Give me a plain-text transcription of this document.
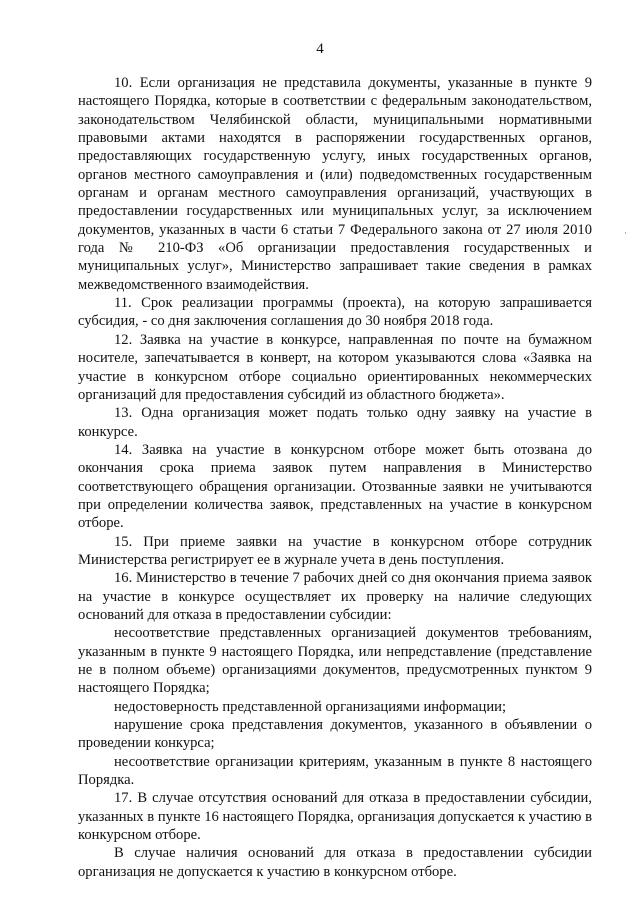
4

10. Если организация не представила документы, указанные в пункте 9 настоящего Порядка, которые в соответствии с федеральным законодательством, законодательством Челябинской области, муниципальными нормативными правовыми актами находятся в распоряжении государственных органов, предоставляющих государственную услугу, иных государственных органов, органов местного самоуправления и (или) подведомственных государственным органам и органам местного самоуправления организаций, участвующих в предоставлении государственных или муниципальных услуг, за исключением документов, указанных в части 6 статьи 7 Федерального закона от 27 июля 2010 года № 210-ФЗ «Об организации предоставления государственных и муниципальных услуг», Министерство запрашивает такие сведения в рамках межведомственного взаимодействия.

11. Срок реализации программы (проекта), на которую запрашивается субсидия, - со дня заключения соглашения до 30 ноября 2018 года.

12. Заявка на участие в конкурсе, направленная по почте на бумажном носителе, запечатывается в конверт, на котором указываются слова «Заявка на участие в конкурсном отборе социально ориентированных некоммерческих организаций для предоставления субсидий из областного бюджета».

13. Одна организация может подать только одну заявку на участие в конкурсе.

14. Заявка на участие в конкурсном отборе может быть отозвана до окончания срока приема заявок путем направления в Министерство соответствующего обращения организации. Отозванные заявки не учитываются при определении количества заявок, представленных на участие в конкурсном отборе.

15. При приеме заявки на участие в конкурсном отборе сотрудник Министерства регистрирует ее в журнале учета в день поступления.

16. Министерство в течение 7 рабочих дней со дня окончания приема заявок на участие в конкурсе осуществляет их проверку на наличие следующих оснований для отказа в предоставлении субсидии:

несоответствие представленных организацией документов требованиям, указанным в пункте 9 настоящего Порядка, или непредставление (представление не в полном объеме) организациями документов, предусмотренных пунктом 9 настоящего Порядка;

недостоверность представленной организациями информации;

нарушение срока представления документов, указанного в объявлении о проведении конкурса;

несоответствие организации критериям, указанным в пункте 8 настоящего Порядка.

17. В случае отсутствия оснований для отказа в предоставлении субсидии, указанных в пункте 16 настоящего Порядка, организация допускается к участию в конкурсном отборе.

В случае наличия оснований для отказа в предоставлении субсидии организация не допускается к участию в конкурсном отборе.

·
